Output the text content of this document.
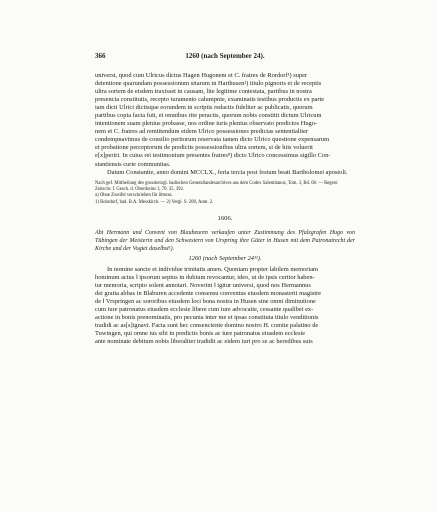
366	1260 (nach September 24).

universi, quod cum Ulricus dictus Hagen Hugonem et C. fratres de Rordorf¹) super

detentione quarundam possessionum sitarum in Harthusen²) titulo pignoris et de receptis

ultra sortem de eisdem traxisset in causam, lite legitime contestata, partibus in nostra

presencia constitutis, recepto iuramento calumpnie, examinatis testibus productis ex parte

iam dicti Ulrici dictisque eorundem in scriptis redactis fideliter ac publicatis, quorum

partibus copia facta fuit, et omnibus rite peractis, quorum nobis constitit dictum Ulricum

intentionem suam plenius probasse, nos ordine iuris plenius observato predictos Hugo-

nem et C. fratres ad remittendum eidem Ulrico possessiones predictas sententialiter

condempnavimus de consilio peritorum reservata tamen dicto Ulrico questione expensarum

et probatione perceptorum de predictis possessionibus ultra sortem, si de hiis voluerit

e[x]periri. In cuius rei testimonium presentes fratres⁸) dicto Ulrico concessimus sigillo Con-

stantiensis curie communitas.

Datum Constantie, anno domini MCCLX., feria tercia post festum beati Bartholomei apostoli.

Nach gef. Mittheilung des grossherzgl. badischen Generallandesarchives aus dem Codex Salemitanus, Tom. 3, Bd. 68. — Regest: Zeitschr. f. Gesch. d. Oberrheins 3, 70. 35, 392.

a) Ohne Zweifel verschrieben für litteras.

1) Rohrdorf, bad. B.A. Messkirch. — 2) Vergl. S. 208, Anm. 2.

1606.
Abt Hermann und Convent von Blaubeuren verkaufen unter Zustimmung des Pfalzgrafen Hugo von Tübingen der Meisterin und den Schwestern von Urspring ihre Güter in Husen mit dem Patronatrecht der Kirche und der Vogtei daselbst¹).
1260 (nach September 24¹¹).

In nomine sancte et individue trinitatis amen. Quoniam propter labilem memoriam

hominum actus ‖ ipsorum sepius in dubium revocantur, ideo, ut de ipsis certior haben-

tur memoria, scripto solent annotari. Noverint ‖ igitur universi, quod nos Hermannus

dei gratia abbas in Blaburen accedente consensu conventus eiusdem monasterii magistre

de ‖ Vrspringen ac sororibus eiusdem loci bona nostra in Husen sine omni diminutione

cum iure patronatus eiusdem ecclesie libere cum iure advocatie, cessante qualibet ex-

actione in bonis prenominatis, pro pecunia inter me et ipsas constituta titulo venditionis

tradidi ac as[s]ignavi. Facta sunt hec consenciente domino nostro H. comite palatino de

Tuwingen, qui omne ius sibi in predictis bonis ac iure patronatus eiusdem ecclesie

ante nominate debitum nobis liberaliter tradidit ac eidem iuri pro se ac heredibus suis
